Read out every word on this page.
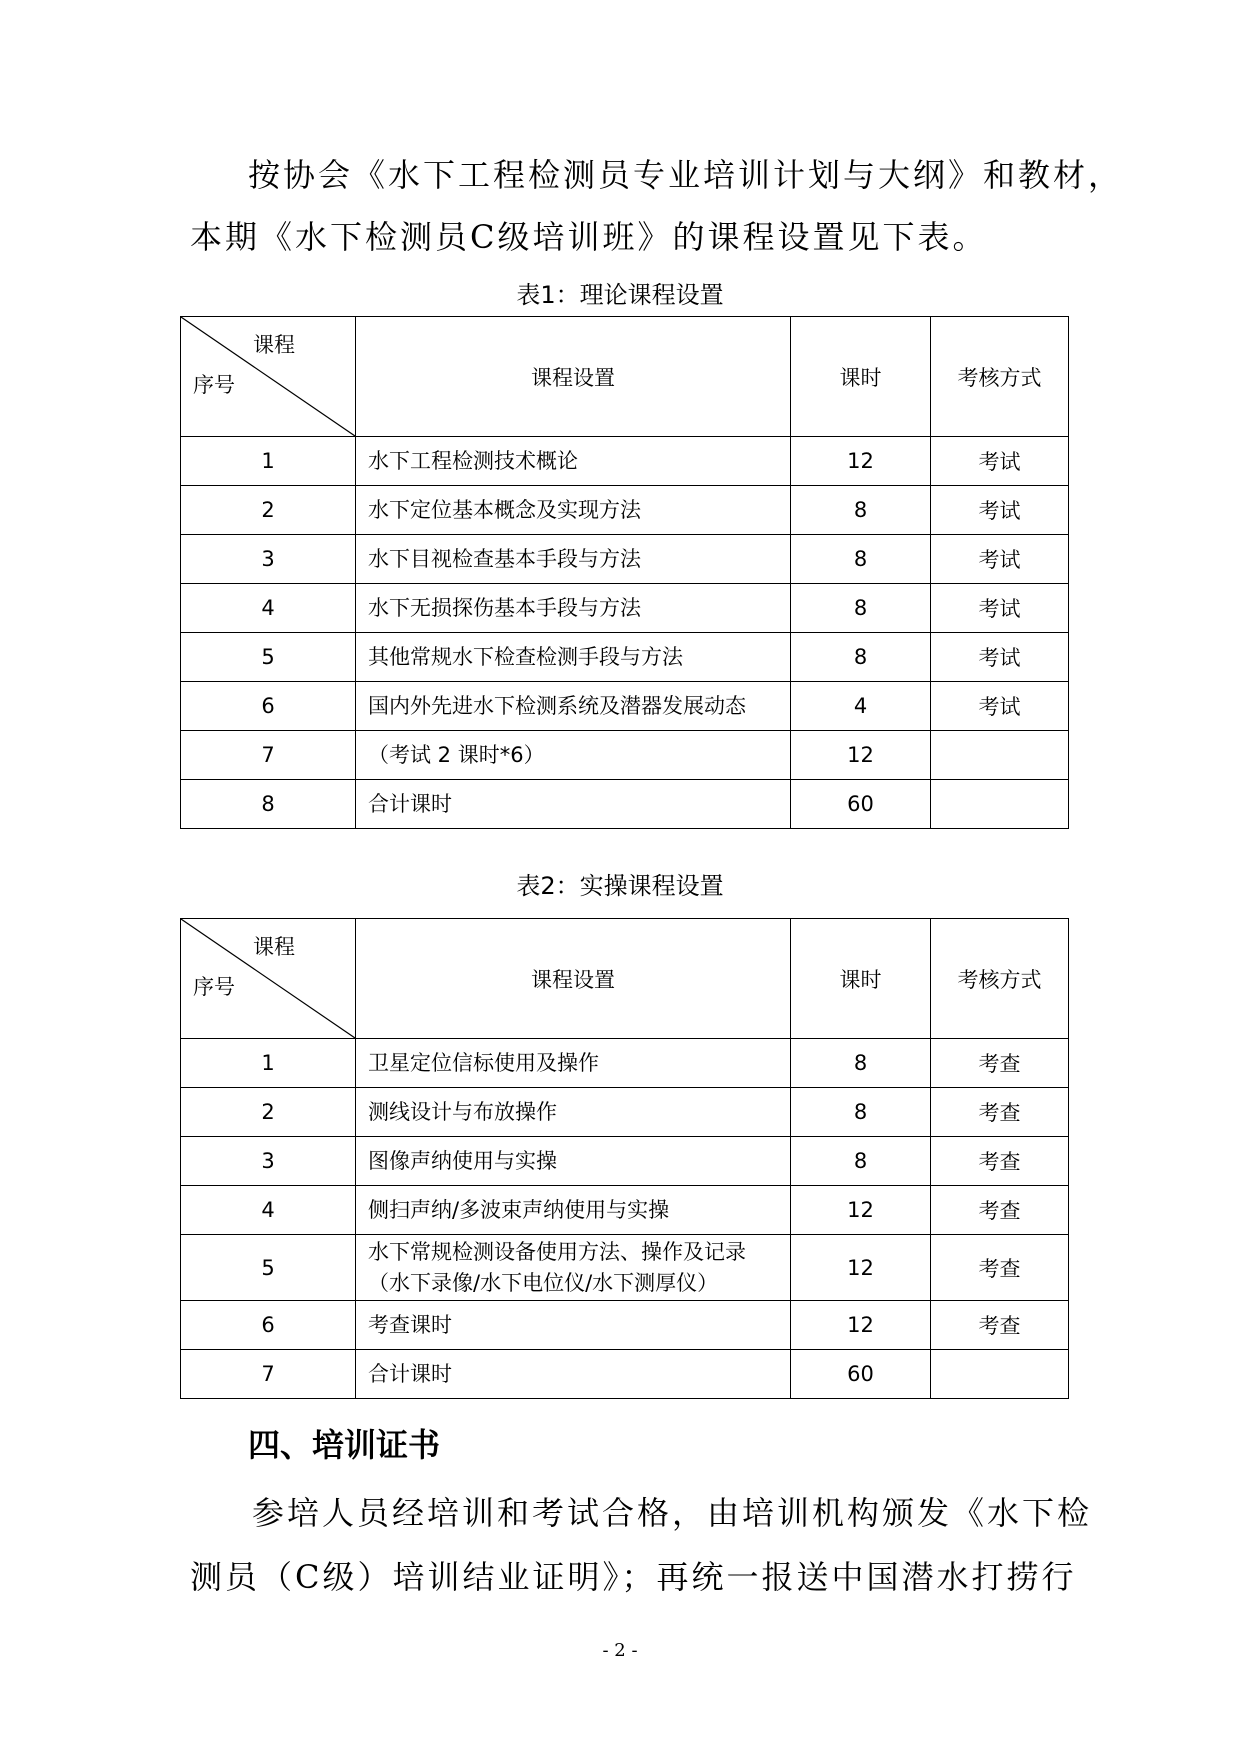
按协会《水下工程检测员专业培训计划与大纲》和教材，
本期《水下检测员C级培训班》的课程设置见下表。
表1：理论课程设置
课程
序号	课程设置	课时	考核方式
1	水下工程检测技术概论	12	考试
2	水下定位基本概念及实现方法	8	考试
3	水下目视检查基本手段与方法	8	考试
4	水下无损探伤基本手段与方法	8	考试
5	其他常规水下检查检测手段与方法	8	考试
6	国内外先进水下检测系统及潜器发展动态	4	考试
7	（考试 2 课时*6）	12	
8	合计课时	60	
表2：实操课程设置
课程
序号	课程设置	课时	考核方式
1	卫星定位信标使用及操作	8	考查
2	测线设计与布放操作	8	考查
3	图像声纳使用与实操	8	考查
4	侧扫声纳/多波束声纳使用与实操	12	考查
5	水下常规检测设备使用方法、操作及记录
（水下录像/水下电位仪/水下测厚仪）	12	考查
6	考查课时	12	考查
7	合计课时	60	
四、培训证书
参培人员经培训和考试合格，由培训机构颁发《水下检
测员（C级）培训结业证明》；再统一报送中国潜水打捞行
- 2 -
